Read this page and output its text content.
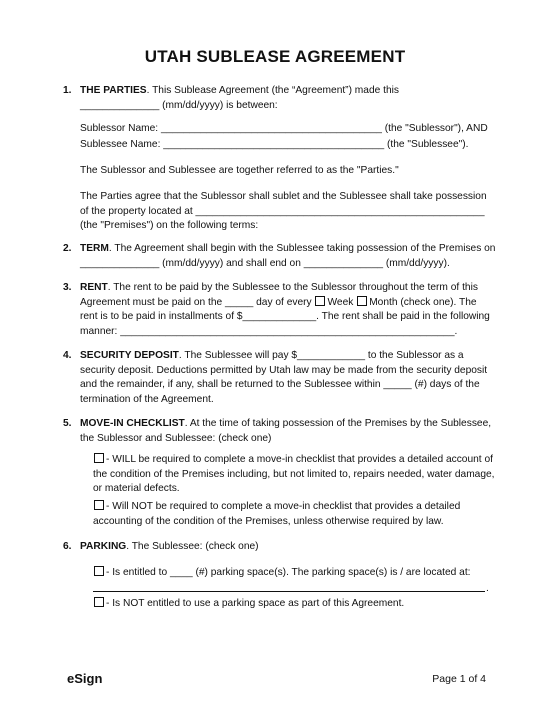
UTAH SUBLEASE AGREEMENT
1. THE PARTIES. This Sublease Agreement (the “Agreement”) made this
______________ (mm/dd/yyyy) is between:
Sublessor Name: _______________________________________ (the "Sublessor"), AND
Sublessee Name: _______________________________________ (the "Sublessee").
The Sublessor and Sublessee are together referred to as the "Parties."
The Parties agree that the Sublessor shall sublet and the Sublessee shall take possession
of the property located at ___________________________________________________
(the "Premises") on the following terms:
2. TERM. The Agreement shall begin with the Sublessee taking possession of the Premises on
______________ (mm/dd/yyyy) and shall end on ______________ (mm/dd/yyyy).
3. RENT. The rent to be paid by the Sublessee to the Sublessor throughout the term of this
Agreement must be paid on the _____ day of every Week Month (check one). The
rent is to be paid in installments of $_____________. The rent shall be paid in the following
manner: ___________________________________________________________.
4. SECURITY DEPOSIT. The Sublessee will pay $____________ to the Sublessor as a
security deposit. Deductions permitted by Utah law may be made from the security deposit
and the remainder, if any, shall be returned to the Sublessee within _____ (#) days of the
termination of the Agreement.
5. MOVE-IN CHECKLIST. At the time of taking possession of the Premises by the Sublessee,
the Sublessor and Sublessee: (check one)
- WILL be required to complete a move-in checklist that provides a detailed account of
the condition of the Premises including, but not limited to, repairs needed, water damage,
or material defects.
- Will NOT be required to complete a move-in checklist that provides a detailed
accounting of the condition of the Premises, unless otherwise required by law.
6. PARKING. The Sublessee: (check one)
- Is entitled to ____ (#) parking space(s). The parking space(s) is / are located at:
.
- Is NOT entitled to use a parking space as part of this Agreement.
eSign	Page 1 of 4
